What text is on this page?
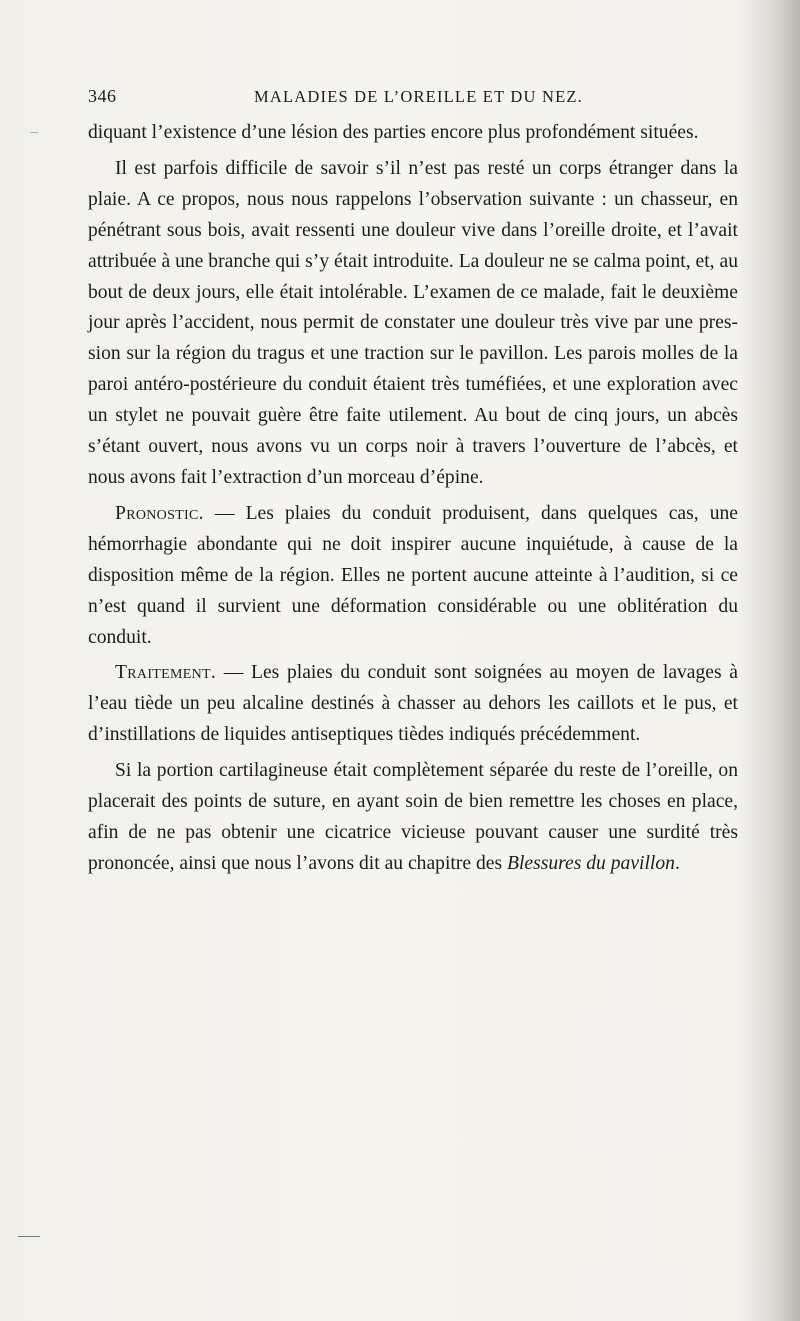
346	MALADIES DE L’OREILLE ET DU NEZ.

diquant l’existence d’une lésion des parties encore plus profondément situées.

Il est parfois difficile de savoir s’il n’est pas resté un corps étranger dans la plaie. A ce propos, nous nous rappelons l’observation suivante : un chasseur, en pénétrant sous bois, avait ressenti une douleur vive dans l’oreille droite, et l’avait attribuée à une branche qui s’y était introduite. La douleur ne se calma point, et, au bout de deux jours, elle était intolérable. L’examen de ce malade, fait le deuxième jour après l’accident, nous permit de constater une douleur très vive par une pression sur la région du tragus et une traction sur le pavillon. Les parois molles de la paroi antéro-postérieure du conduit étaient très tuméfiées, et une exploration avec un stylet ne pouvait guère être faite utilement. Au bout de cinq jours, un abcès s’étant ouvert, nous avons vu un corps noir à travers l’ouverture de l’abcès, et nous avons fait l’extraction d’un morceau d’épine.

Pronostic. — Les plaies du conduit produisent, dans quelques cas, une hémorrhagie abondante qui ne doit inspirer aucune inquiétude, à cause de la disposition même de la région. Elles ne portent aucune atteinte à l’audition, si ce n’est quand il survient une déformation considérable ou une oblitération du conduit.

Traitement. — Les plaies du conduit sont soignées au moyen de lavages à l’eau tiède un peu alcaline destinés à chasser au dehors les caillots et le pus, et d’instillations de liquides antiseptiques tièdes indiqués précédemment.

Si la portion cartilagineuse était complètement séparée du reste de l’oreille, on placerait des points de suture, en ayant soin de bien remettre les choses en place, afin de ne pas obtenir une cicatrice vicieuse pouvant causer une surdité très prononcée, ainsi que nous l’avons dit au chapitre des Blessures du pavillon.
